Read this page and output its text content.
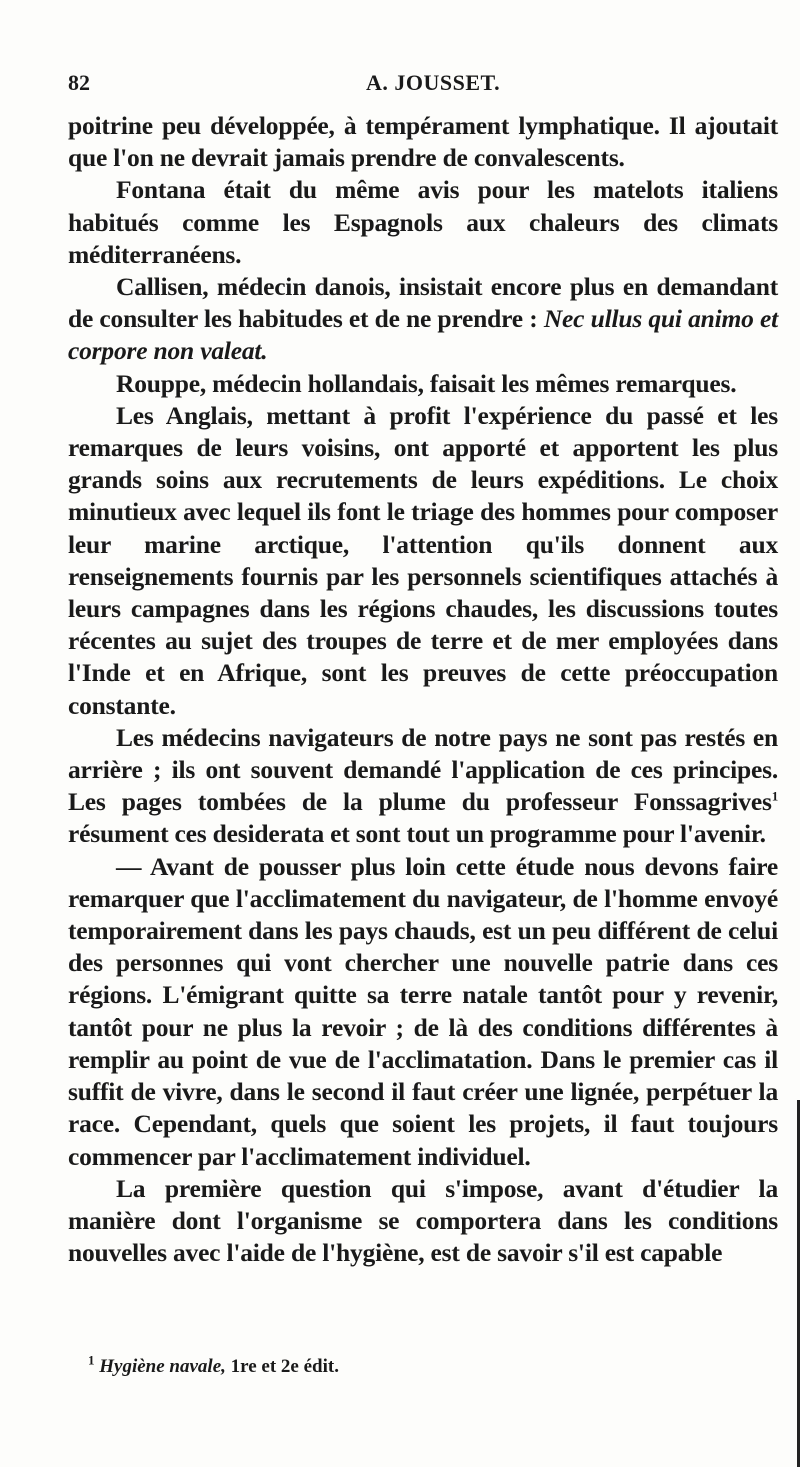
82	A. JOUSSET.

poitrine peu développée, à tempérament lymphatique. Il ajoutait que l'on ne devrait jamais prendre de convalescents.

Fontana était du même avis pour les matelots italiens habitués comme les Espagnols aux chaleurs des climats méditerranéens.

Callisen, médecin danois, insistait encore plus en demandant de consulter les habitudes et de ne prendre : Nec ullus qui animo et corpore non valeat.

Rouppe, médecin hollandais, faisait les mêmes remarques.

Les Anglais, mettant à profit l'expérience du passé et les remarques de leurs voisins, ont apporté et apportent les plus grands soins aux recrutements de leurs expéditions. Le choix minutieux avec lequel ils font le triage des hommes pour composer leur marine arctique, l'attention qu'ils donnent aux renseignements fournis par les personnels scientifiques attachés à leurs campagnes dans les régions chaudes, les discussions toutes récentes au sujet des troupes de terre et de mer employées dans l'Inde et en Afrique, sont les preuves de cette préoccupation constante.

Les médecins navigateurs de notre pays ne sont pas restés en arrière ; ils ont souvent demandé l'application de ces principes. Les pages tombées de la plume du professeur Fonssagrives$^1$ résument ces desiderata et sont tout un programme pour l'avenir.

— Avant de pousser plus loin cette étude nous devons faire remarquer que l'acclimatement du navigateur, de l'homme envoyé temporairement dans les pays chauds, est un peu différent de celui des personnes qui vont chercher une nouvelle patrie dans ces régions. L'émigrant quitte sa terre natale tantôt pour y revenir, tantôt pour ne plus la revoir ; de là des conditions différentes à remplir au point de vue de l'acclimatation. Dans le premier cas il suffit de vivre, dans le second il faut créer une lignée, perpétuer la race. Cependant, quels que soient les projets, il faut toujours commencer par l'acclimatement individuel.

La première question qui s'impose, avant d'étudier la manière dont l'organisme se comportera dans les conditions nouvelles avec l'aide de l'hygiène, est de savoir s'il est capable

$^1$ Hygiène navale, 1re et 2e édit.
